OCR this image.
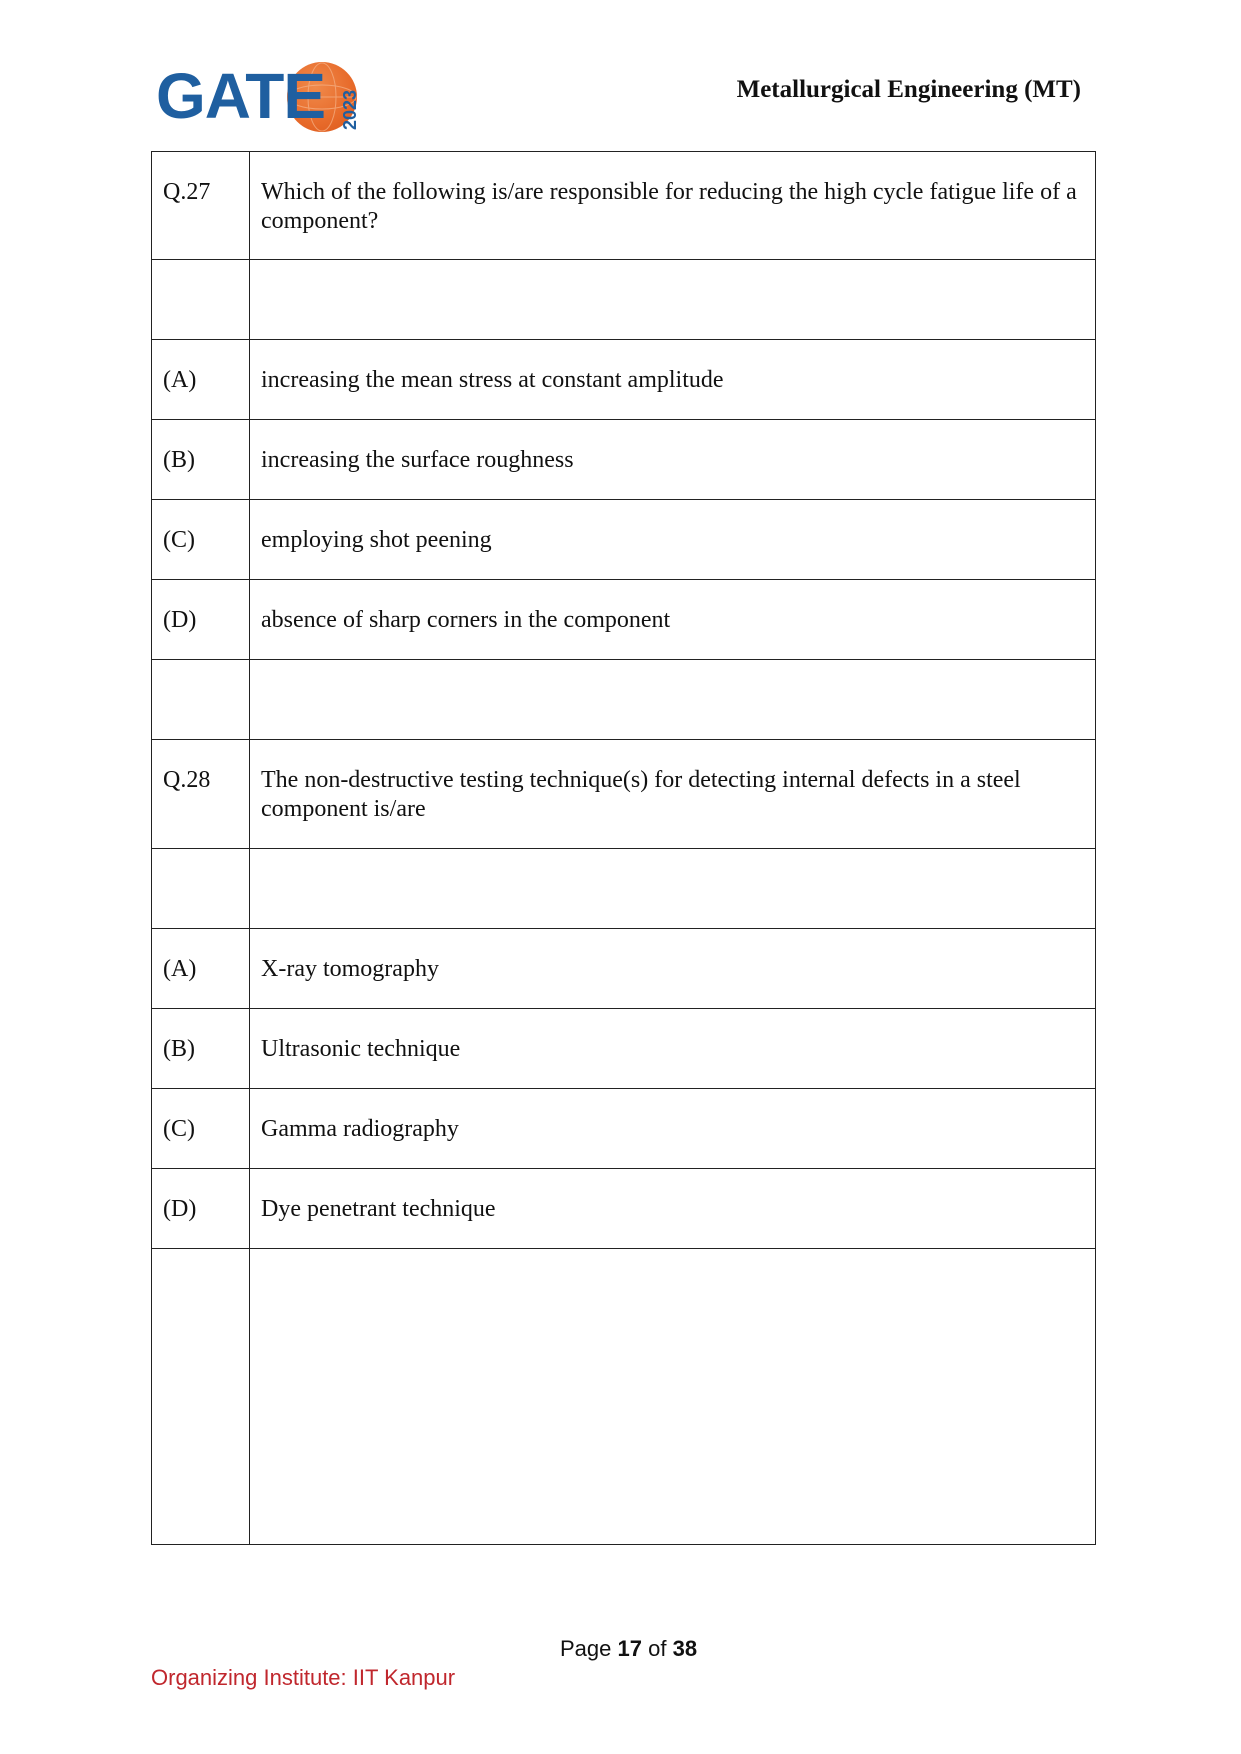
GATE 2023
Metallurgical Engineering (MT)
Q.27	Which of the following is/are responsible for reducing the high cycle fatigue life of a component?

(A)	increasing the mean stress at constant amplitude

(B)	increasing the surface roughness

(C)	employing shot peening

(D)	absence of sharp corners in the component

Q.28	The non-destructive testing technique(s) for detecting internal defects in a steel component is/are

(A)	X-ray tomography

(B)	Ultrasonic technique

(C)	Gamma radiography

(D)	Dye penetrant technique

Page 17 of 38
Organizing Institute: IIT Kanpur
